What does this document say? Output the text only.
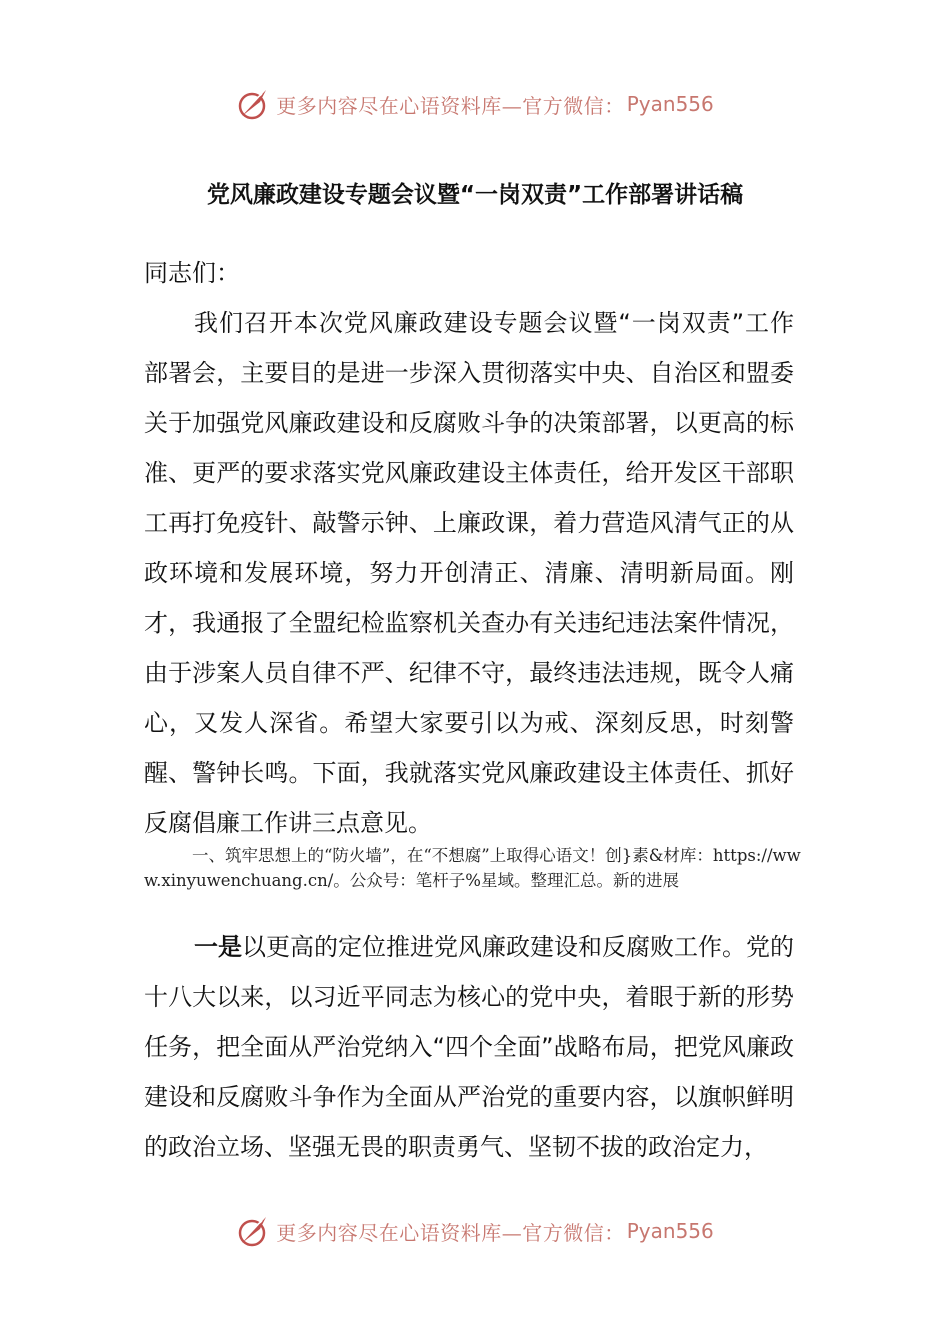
更多内容尽在心语资料库—官方微信： Pyan556
党风廉政建设专题会议暨“一岗双责”工作部署讲话稿
同志们：
我们召开本次党风廉政建设专题会议暨“一岗双责”工作部署会，主要目的是进一步深入贯彻落实中央、自治区和盟委关于加强党风廉政建设和反腐败斗争的决策部署，以更高的标准、更严的要求落实党风廉政建设主体责任，给开发区干部职工再打免疫针、敲警示钟、上廉政课，着力营造风清气正的从政环境和发展环境，努力开创清正、清廉、清明新局面。刚才，我通报了全盟纪检监察机关查办有关违纪违法案件情况，由于涉案人员自律不严、纪律不守，最终违法违规，既令人痛心，又发人深省。希望大家要引以为戒、深刻反思，时刻警醒、警钟长鸣。下面，我就落实党风廉政建设主体责任、抓好反腐倡廉工作讲三点意见。
一、筑牢思想上的“防火墙”，在“不想腐”上取得心语文！创}素&材库：https://www.xinyuwenchuang.cn/。公众号：笔杆子%星域。整理汇总。新的进展
一是以更高的定位推进党风廉政建设和反腐败工作。党的十八大以来，以习近平同志为核心的党中央，着眼于新的形势任务，把全面从严治党纳入“四个全面”战略布局，把党风廉政建设和反腐败斗争作为全面从严治党的重要内容，以旗帜鲜明的政治立场、坚强无畏的职责勇气、坚韧不拔的政治定力，
更多内容尽在心语资料库—官方微信： Pyan556
